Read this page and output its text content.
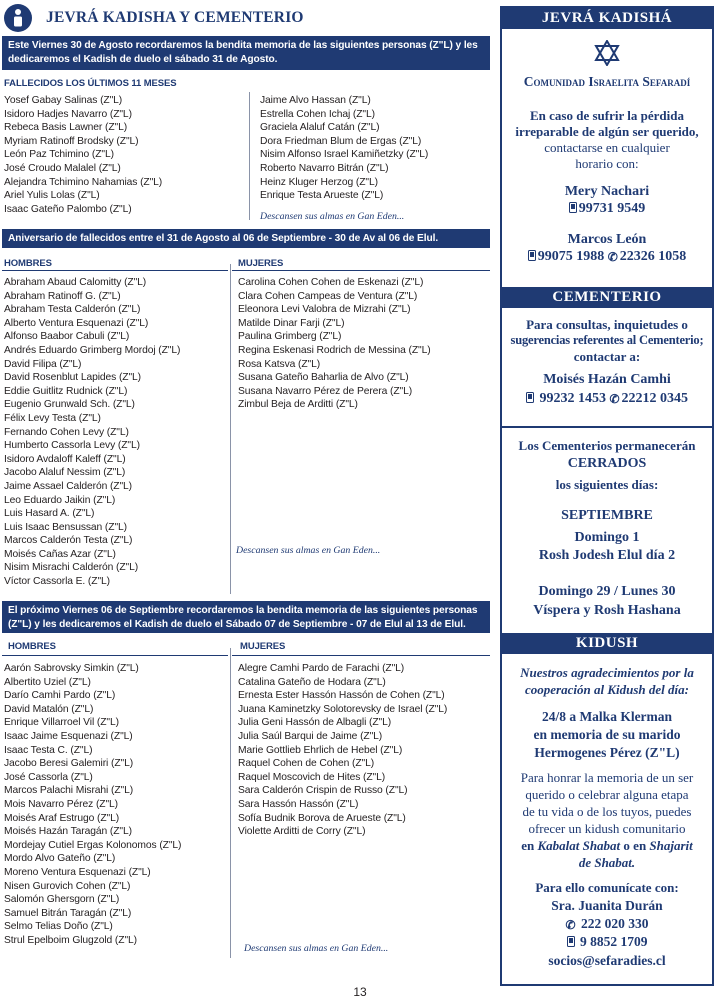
JEVRÁ KADISHA Y CEMENTERIO
Este Viernes 30 de Agosto recordaremos la bendita memoria de las siguientes personas (Z"L) y les dedicaremos el Kadish de duelo el sábado 31 de Agosto.
FALLECIDOS LOS ÚLTIMOS 11 MESES
Yosef Gabay Salinas (Z"L)
Isidoro Hadjes Navarro (Z"L)
Rebeca Basis Lawner (Z"L)
Myriam Ratinoff Brodsky (Z"L)
León Paz Tchimino (Z"L)
José Croudo Malalel (Z"L)
Alejandra Tchimino Nahamias (Z"L)
Ariel Yulis Lolas (Z"L)
Isaac Gateño Palombo (Z"L)
Jaime Alvo Hassan (Z"L)
Estrella Cohen Ichaj (Z"L)
Graciela Alaluf Catán (Z"L)
Dora Friedman Blum de Ergas (Z"L)
Nisim Alfonso Israel Kamiñetzky (Z"L)
Roberto Navarro Bitrán (Z"L)
Heinz Kluger Herzog (Z"L)
Enrique Testa Arueste (Z"L)
Descansen sus almas en Gan Eden...
Aniversario de fallecidos entre el 31 de Agosto al 06 de Septiembre - 30 de Av al 06 de Elul.
HOMBRES	MUJERES
Abraham Abaud Calomitty (Z"L)
Abraham Ratinoff G. (Z"L)
Abraham Testa Calderón (Z"L)
Alberto Ventura Esquenazi (Z"L)
Alfonso Baabor Cabuli (Z"L)
Andrés Eduardo Grimberg Mordoj (Z"L)
David Filipa (Z"L)
David Rosenblut Lapides (Z"L)
Eddie Guitlitz Rudnick (Z"L)
Eugenio Grunwald Sch. (Z"L)
Félix Levy Testa (Z"L)
Fernando Cohen Levy (Z"L)
Humberto Cassorla Levy (Z"L)
Isidoro Avdaloff Kaleff (Z"L)
Jacobo Alaluf Nessim (Z"L)
Jaime Assael Calderón (Z"L)
Leo Eduardo Jaikin (Z"L)
Luis Hasard A. (Z"L)
Luis Isaac Bensussan (Z"L)
Marcos Calderón Testa (Z"L)
Moisés Cañas Azar (Z"L)
Nisim Misrachi Calderón (Z"L)
Víctor Cassorla E. (Z"L)
Carolina Cohen Cohen de Eskenazi (Z"L)
Clara Cohen Campeas de Ventura (Z"L)
Eleonora Levi Valobra de Mizrahi (Z"L)
Matilde Dinar Farji (Z"L)
Paulina Grimberg (Z"L)
Regina Eskenasi Rodrich de Messina (Z"L)
Rosa Katsva (Z"L)
Susana Gateño Baharlia de Alvo (Z"L)
Susana Navarro Pérez de Perera (Z"L)
Zimbul Beja de Arditti (Z"L)
Descansen sus almas en Gan Eden...
El próximo Viernes 06 de Septiembre recordaremos la bendita memoria de las siguientes personas (Z"L) y les dedicaremos el Kadish de duelo el Sábado 07 de Septiembre - 07 de Elul al 13 de Elul.
HOMBRES	MUJERES
Aarón Sabrovsky Simkin (Z"L)
Albertito Uziel (Z"L)
Darío Camhi Pardo (Z"L)
David Matalón (Z"L)
Enrique Villarroel Vil (Z"L)
Isaac Jaime Esquenazi (Z"L)
Isaac Testa C. (Z"L)
Jacobo Beresi Galemiri (Z"L)
José Cassorla (Z"L)
Marcos Palachi Misrahi (Z"L)
Mois Navarro Pérez (Z"L)
Moisés Araf Estrugo (Z"L)
Moisés Hazán Taragán (Z"L)
Mordejay Cutiel Ergas Kolonomos (Z"L)
Mordo Alvo Gateño (Z"L)
Moreno Ventura Esquenazi (Z"L)
Nisen Gurovich Cohen (Z"L)
Salomón Ghersgorn (Z"L)
Samuel Bitrán Taragán (Z"L)
Selmo Telias Doño (Z"L)
Strul Epelboim Glugzold (Z"L)
Alegre Camhi Pardo de Farachi (Z"L)
Catalina Gateño de Hodara (Z"L)
Ernesta Ester Hassón Hassón de Cohen (Z"L)
Juana Kaminetzky Solotorevsky de Israel (Z"L)
Julia Geni Hassón de Albagli (Z"L)
Julia Saúl Barqui de Jaime (Z"L)
Marie Gottlieb Ehrlich de Hebel (Z"L)
Raquel Cohen de Cohen (Z"L)
Raquel Moscovich de Hites (Z"L)
Sara Calderón Crispin de Russo (Z"L)
Sara Hassón Hassón (Z"L)
Sofía Budnik Borova de Arueste (Z"L)
Violette Arditti de Corry (Z"L)
Descansen sus almas en Gan Eden...
JEVRÁ KADISHÁ
Comunidad Israelita Sefaradí
En caso de sufrir la pérdida
irreparable de algún ser querido,
contactarse en cualquier
horario con:
Mery Nachari
99731 9549
Marcos León
99075 1988 ✆ 22326 1058
CEMENTERIO
Para consultas, inquietudes o
sugerencias referentes al Cementerio;
contactar a:
Moisés Hazán Camhi
99232 1453 ✆ 22212 0345
Los Cementerios permanecerán
CERRADOS
los siguientes días:
SEPTIEMBRE
Domingo 1
Rosh Jodesh Elul día 2
Domingo 29 / Lunes 30
Víspera y Rosh Hashana
KIDUSH
Nuestros agradecimientos por la
cooperación al Kidush del día:
24/8 a Malka Klerman
en memoria de su marido
Hermogenes Pérez (Z"L)
Para honrar la memoria de un ser
querido o celebrar alguna etapa
de tu vida o de los tuyos, puedes
ofrecer un kidush comunitario
en Kabalat Shabat o en Shajarit
de Shabat.
Para ello comunícate con:
Sra. Juanita Durán
✆ 222 020 330
9 8852 1709
socios@sefaradies.cl
13
